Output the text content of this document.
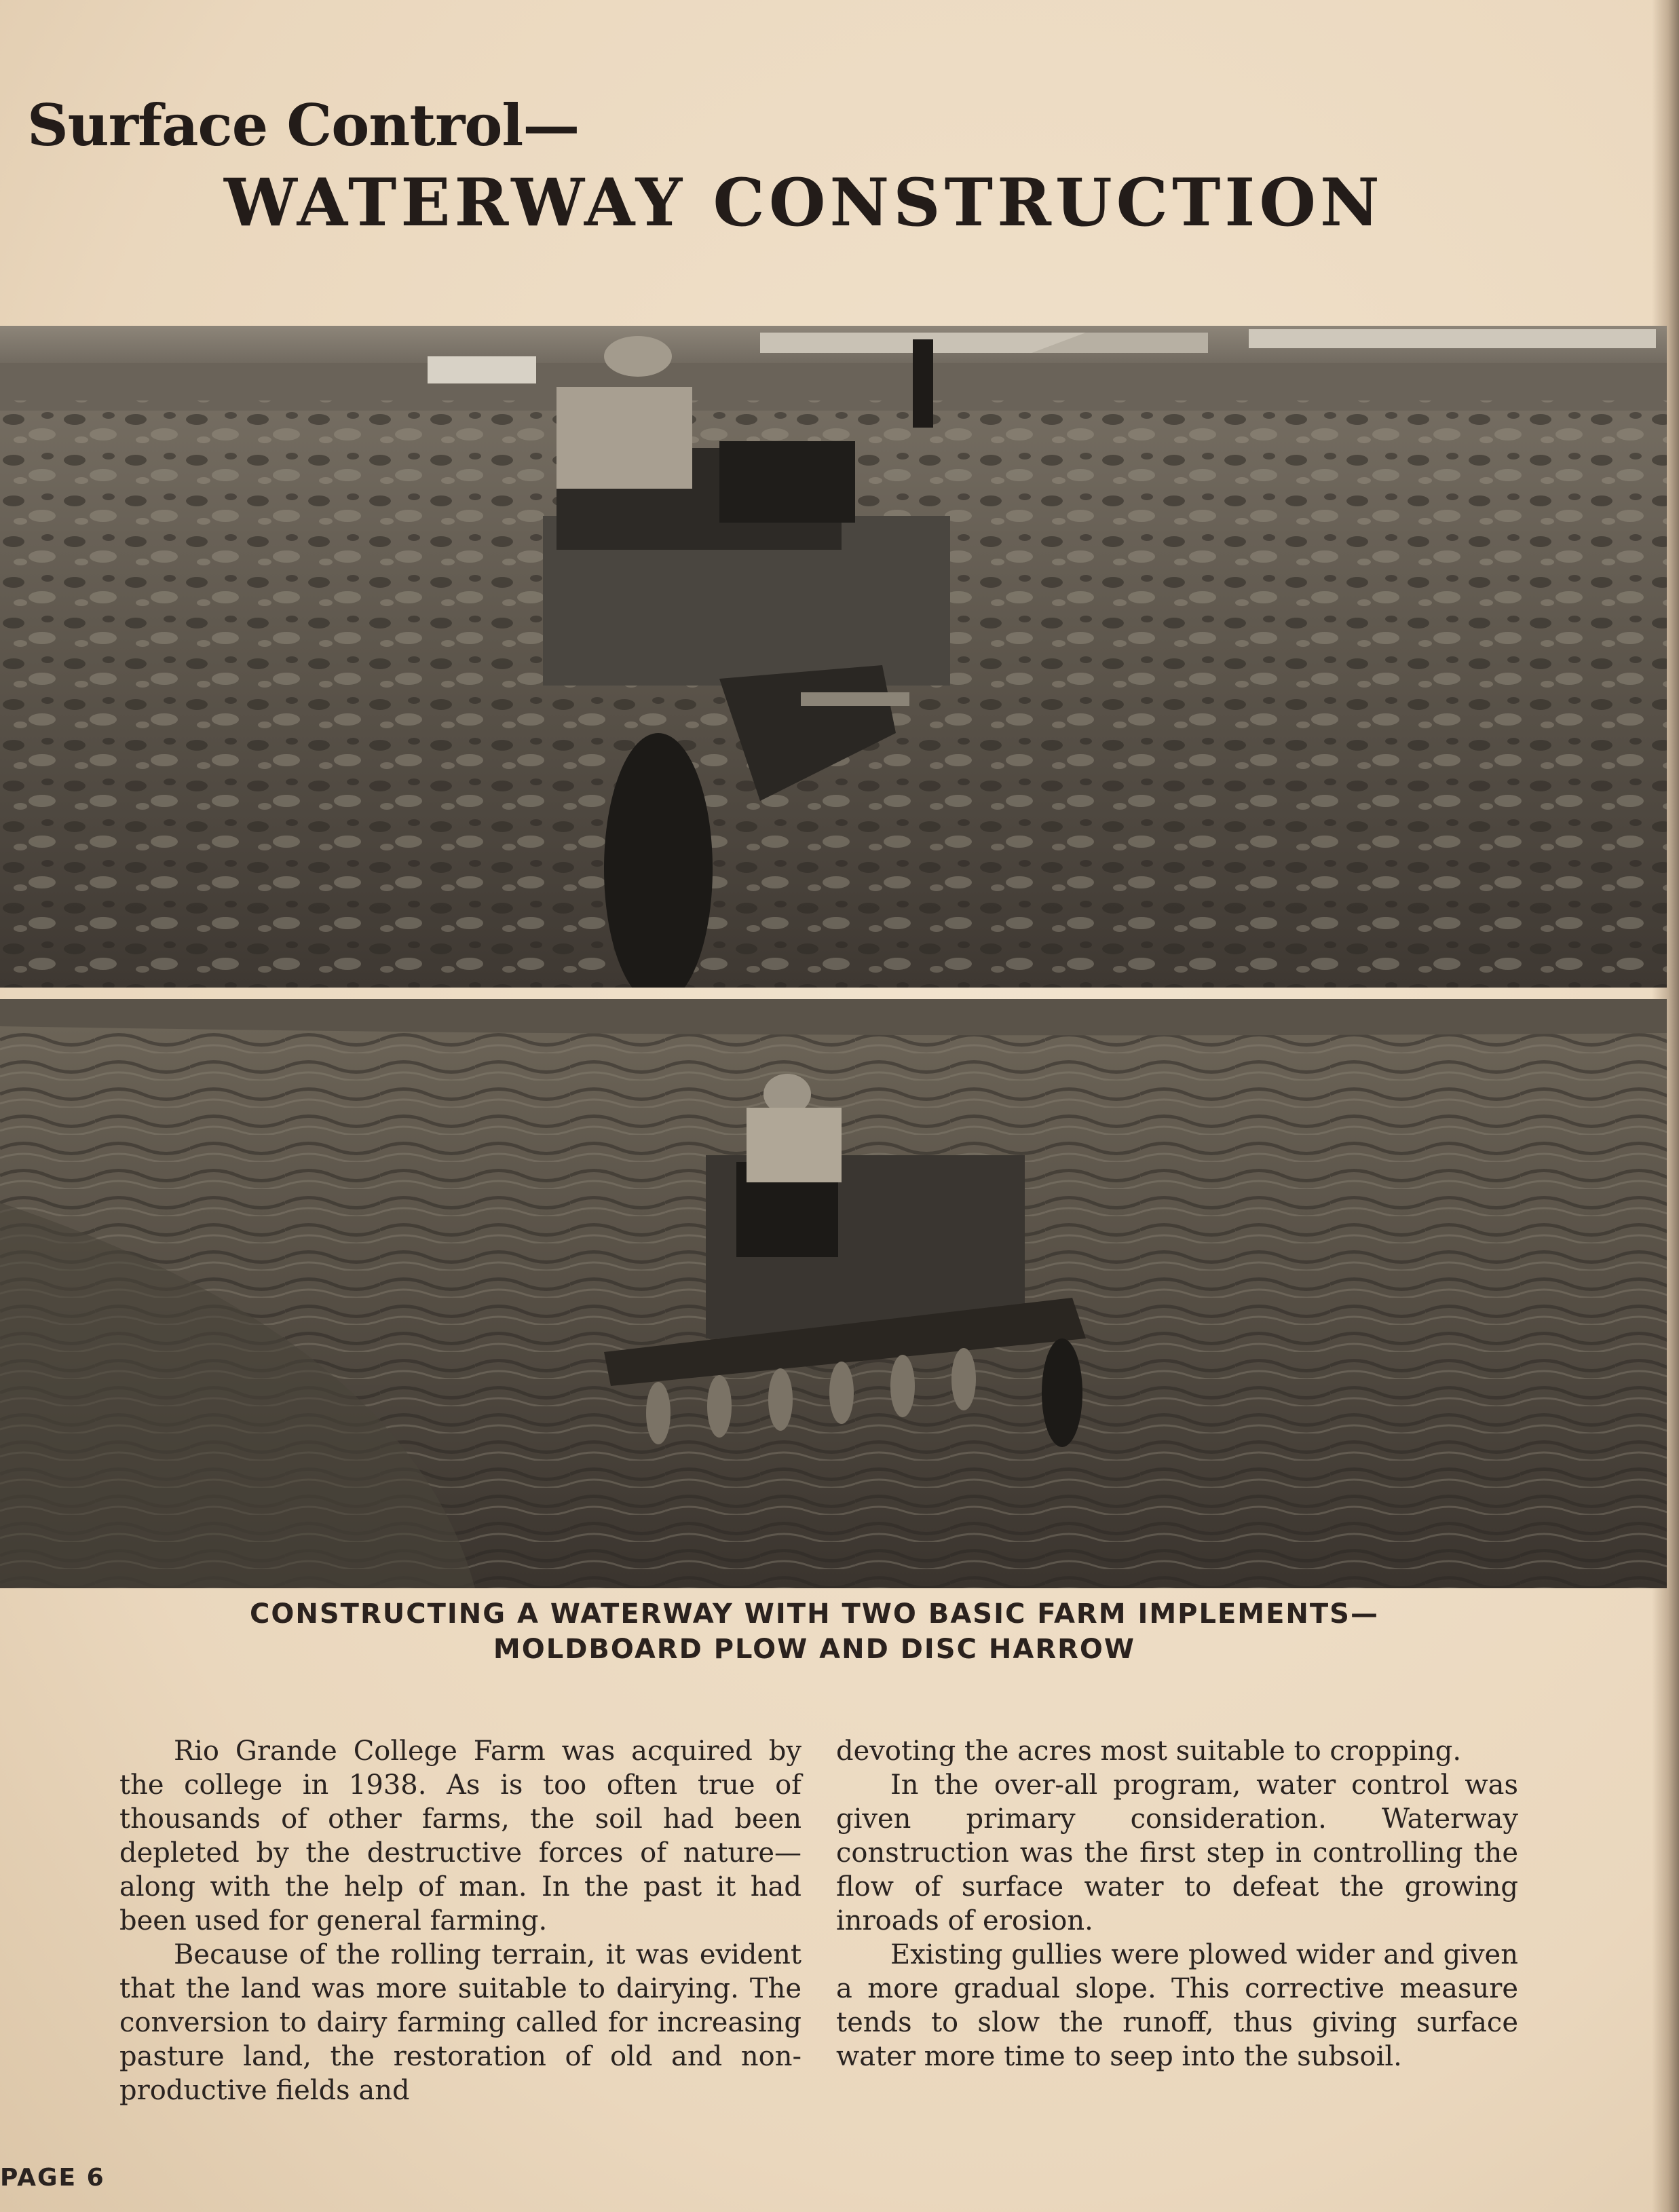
Surface Control—
WATERWAY CONSTRUCTION
CONSTRUCTING A WATERWAY WITH TWO BASIC FARM IMPLEMENTS—
MOLDBOARD PLOW AND DISC HARROW

Rio Grande College Farm was acquired by the college in 1938. As is too often true of thousands of other farms, the soil had been depleted by the destructive forces of nature—along with the help of man. In the past it had been used for general farming.

Because of the rolling terrain, it was evident that the land was more suitable to dairying. The conversion to dairy farming called for increasing pasture land, the restoration of old and non-productive fields and

devoting the acres most suitable to cropping.

In the over-all program, water control was given primary consideration. Waterway construction was the first step in controlling the flow of surface water to defeat the growing inroads of erosion.

Existing gullies were plowed wider and given a more gradual slope. This corrective measure tends to slow the runoff, thus giving surface water more time to seep into the subsoil.

PAGE 6
